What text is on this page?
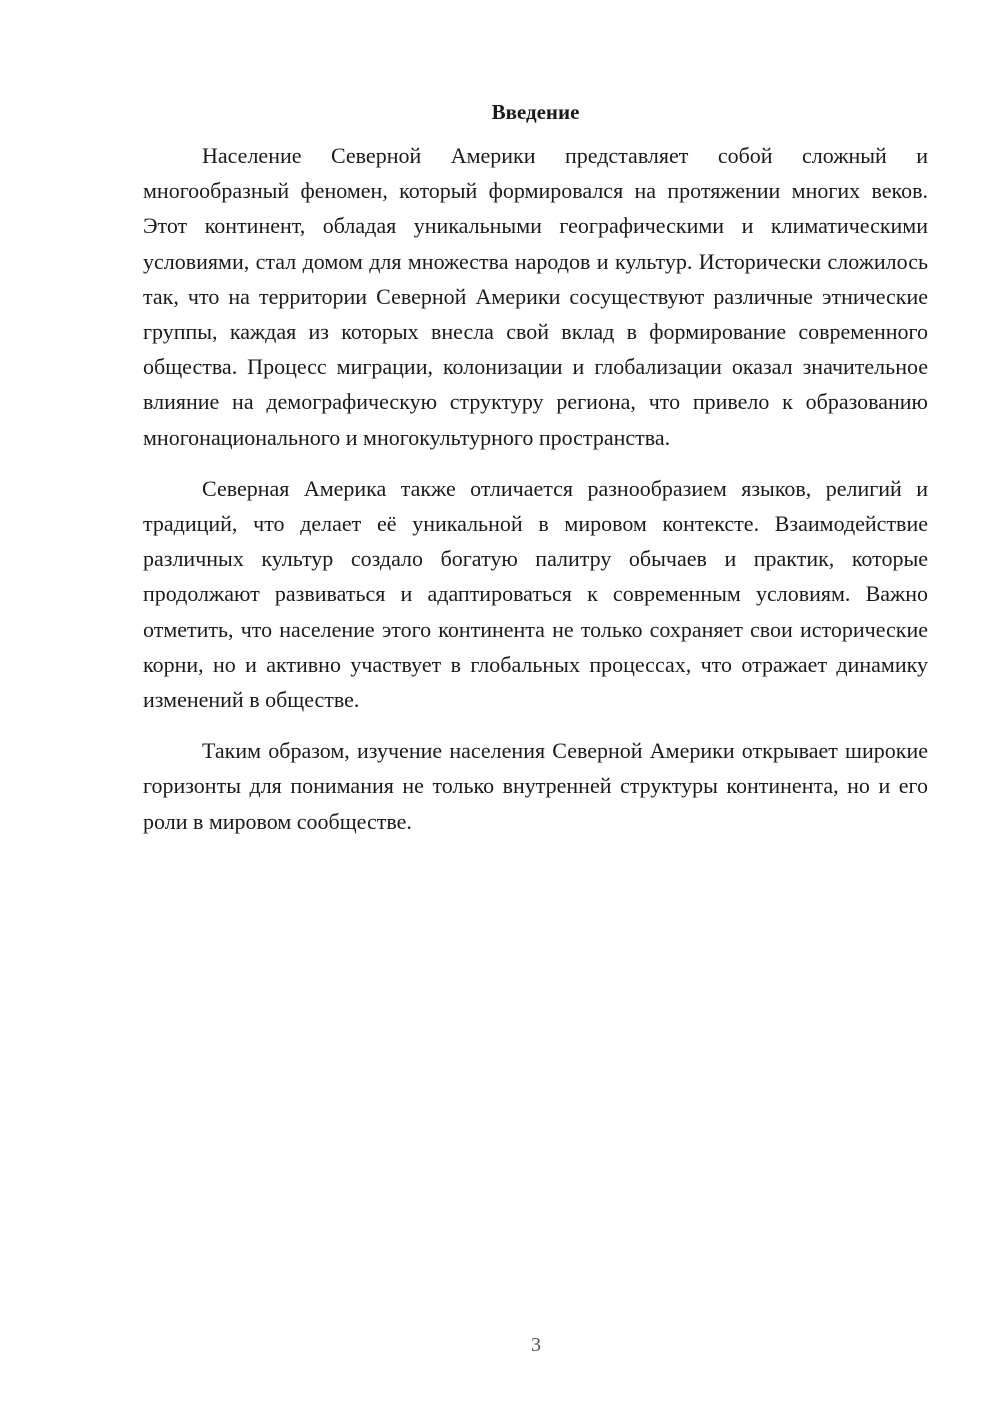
Введение

Население Северной Америки представляет собой сложный и многообразный феномен, который формировался на протяжении многих веков. Этот континент, обладая уникальными географическими и климатическими условиями, стал домом для множества народов и культур. Исторически сложилось так, что на территории Северной Америки сосуществуют различные этнические группы, каждая из которых внесла свой вклад в формирование современного общества. Процесс миграции, колонизации и глобализации оказал значительное влияние на демографическую структуру региона, что привело к образованию многонационального и многокультурного пространства.

Северная Америка также отличается разнообразием языков, религий и традиций, что делает её уникальной в мировом контексте. Взаимодействие различных культур создало богатую палитру обычаев и практик, которые продолжают развиваться и адаптироваться к современным условиям. Важно отметить, что население этого континента не только сохраняет свои исторические корни, но и активно участвует в глобальных процессах, что отражает динамику изменений в обществе.

Таким образом, изучение населения Северной Америки открывает широкие горизонты для понимания не только внутренней структуры континента, но и его роли в мировом сообществе.

3
